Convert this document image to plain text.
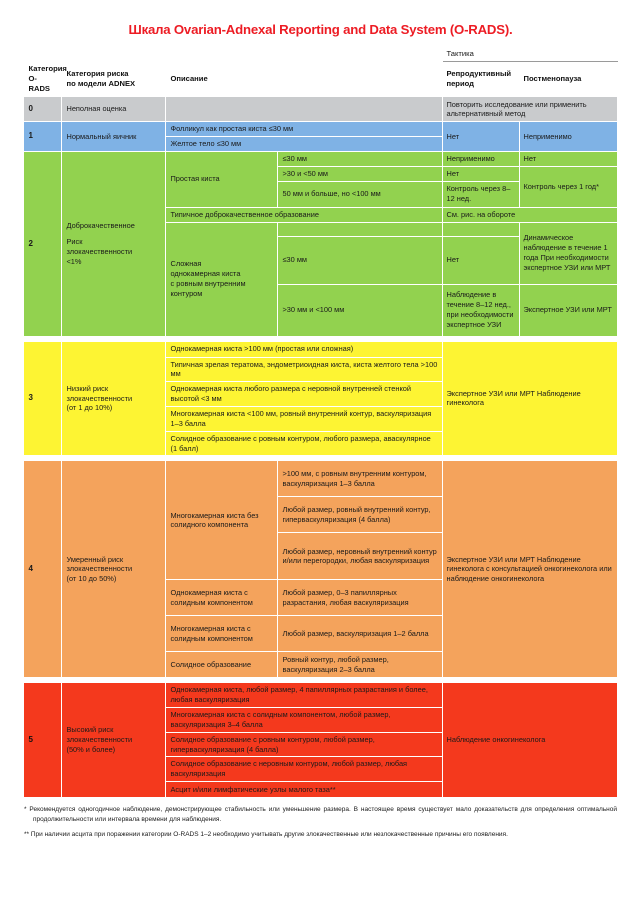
Шкала Ovarian-Adnexal Reporting and Data System (O-RADS).
				Тактика	
Категория
O-RADS	Категория риска
по модели ADNEX	Описание		Репродуктивный
период	Постменопауза
0	Неполная оценка			Повторить исследование или применить альтернативный метод	
1	Нормальный яичник	Фолликул как простая киста ≤30 мм		Нет	Неприменимо
		Желтое тело ≤30 мм			
2	Доброкачественное
Риск
злокачественности
<1%	Простая киста	≤30 мм	Неприменимо	Нет
			>30 и <50 мм	Нет	Контроль через 1 год*
			50 мм и больше, но <100 мм	Контроль через 8–12 нед.	
		Типичное доброкачественное образование		См. рис. на обороте	

		Сложная
однокамерная киста
с ровным внутренним
контуром			Динамическое наблюдение в течение 1 года При необходимости экспертное УЗИ или МРТ
			≤30 мм	Нет	
			>30 мм и <100 мм	Наблюдение в течение 8–12 нед., при необходимости экспертное УЗИ	Экспертное УЗИ или МРТ

3	Низкий риск
злокачественности
(от 1 до 10%)	Однокамерная киста >100 мм (простая или сложная)		Экспертное УЗИ или МРТ Наблюдение гинеколога	
		Типичная зрелая тератома, эндометриоидная киста, киста желтого тела >100 мм			
		Однокамерная киста любого размера с неровной внутренней стенкой высотой <3 мм			
		Многокамерная киста <100 мм, ровный внутренний контур, васкуляризация 1–3 балла			
		Солидное образование с ровным контуром, любого размера, аваскулярное (1 балл)			

4	Умеренный риск
злокачественности
(от 10 до 50%)	Многокамерная киста без солидного компонента	>100 мм, с ровным внутренним контуром, васкуляризация 1–3 балла	Экспертное УЗИ или МРТ Наблюдение гинеколога с консультацией онкогинеколога или наблюдение онкогинеколога	
			Любой размер, ровный внутренний контур, гиперваскуляризация (4 балла)		
			Любой размер, неровный внутренний контур и/или перегородки, любая васкуляризация		
		Однокамерная киста с солидным компонентом	Любой размер, 0–3 папиллярных разрастания, любая васкуляризация		
		Многокамерная киста с солидным компонентом	Любой размер, васкуляризация 1–2 балла		
		Солидное образование	Ровный контур, любой размер, васкуляризация 2–3 балла		

5	Высокий риск
злокачественности
(50% и более)	Однокамерная киста, любой размер, 4 папиллярных разрастания и более, любая васкуляризация		Наблюдение онкогинеколога	
		Многокамерная киста с солидным компонентом, любой размер, васкуляризация 3–4 балла			
		Солидное образование с ровным контуром, любой размер, гиперваскуляризация (4 балла)			
		Солидное образование с неровным контуром, любой размер, любая васкуляризация			
		Асцит и/или лимфатические узлы малого таза**			

* Рекомендуется одногодичное наблюдение, демонстрирующее стабильность или уменьшение размера. В настоящее время существует мало доказательств для определения оптимальной продолжительности или интервала времени для наблюдения.

** При наличии асцита при поражении категории O-RADS 1–2 необходимо учитывать другие злокачественные или незлокачественные причины его появления.
